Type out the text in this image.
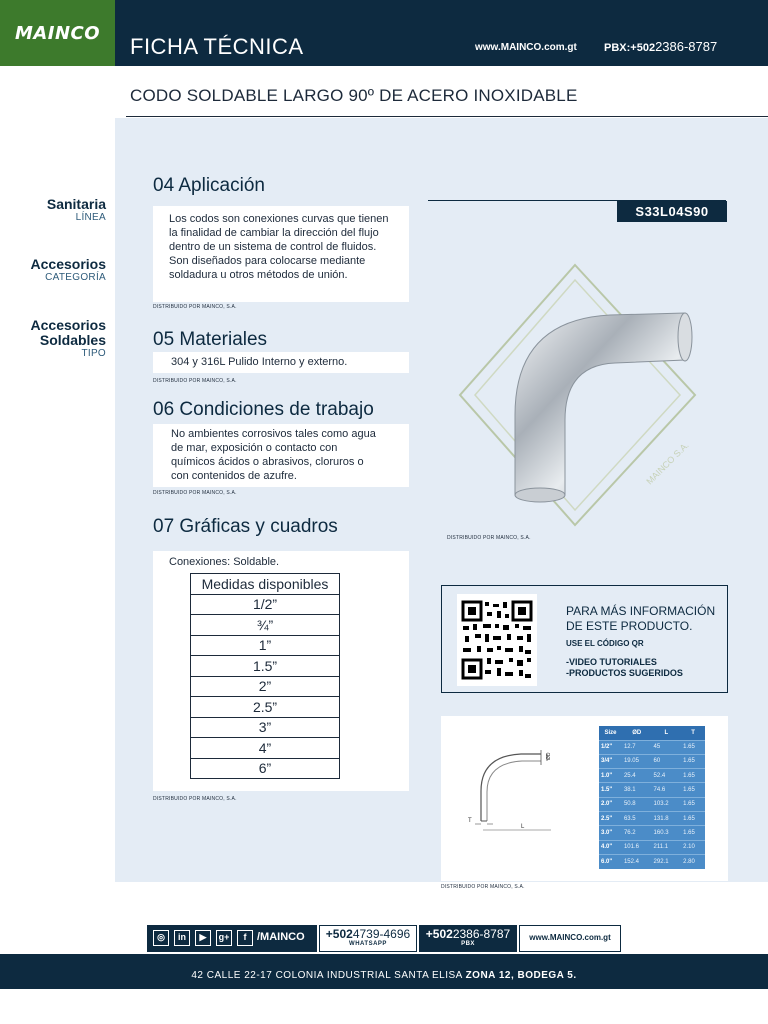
MAINCO
FICHA TÉCNICA	www.MAINCO.com.gt PBX:+5022386-8787
CODO SOLDABLE LARGO 90º DE ACERO INOXIDABLE
Sanitaria
LÍNEA
Accesorios
CATEGORÍA
Accesorios Soldables
TIPO
04 Aplicación
Los codos son conexiones curvas que tienen la finalidad de cambiar la dirección del flujo dentro de un sistema de control de fluidos. Son diseñados para colocarse mediante soldadura u otros métodos de unión.
DISTRIBUIDO POR MAINCO, S.A.
05 Materiales
304 y 316L Pulido Interno y externo.
DISTRIBUIDO POR MAINCO, S.A.
06 Condiciones de trabajo
No ambientes corrosivos tales como agua de mar, exposición o contacto con químicos ácidos o abrasivos, cloruros o con contenidos de azufre.
DISTRIBUIDO POR MAINCO, S.A.
07 Gráficas y cuadros
Conexiones: Soldable.
Medidas disponibles
1/2”
¾”
1”
1.5”
2”
2.5”
3”
4”
6”
DISTRIBUIDO POR MAINCO, S.A.
S33L04S90
MAINCO S.A.
DISTRIBUIDO POR MAINCO, S.A.
PARA MÁS INFORMACIÓN
DE ESTE PRODUCTO.
USE EL CÓDIGO QR
-VIDEO TUTORIALES
-PRODUCTOS SUGERIDOS
T
L
ØD
Size	ØD	L	T
1/2"	12.7	45	1.65
3/4"	19.05	60	1.65
1.0"	25.4	52.4	1.65
1.5"	38.1	74.6	1.65
2.0"	50.8	103.2	1.65
2.5"	63.5	131.8	1.65
3.0"	76.2	160.3	1.65
4.0"	101.6	211.1	2.10
6.0"	152.4	292.1	2.80
DISTRIBUIDO POR MAINCO, S.A.
◎	in	▶	g+	f /MAINCO	+5024739-4696
WHATSAPP
+5022386-8787
PBX
www.MAINCO.com.gt
42 CALLE 22-17 COLONIA INDUSTRIAL SANTA ELISA ZONA 12, BODEGA 5.
